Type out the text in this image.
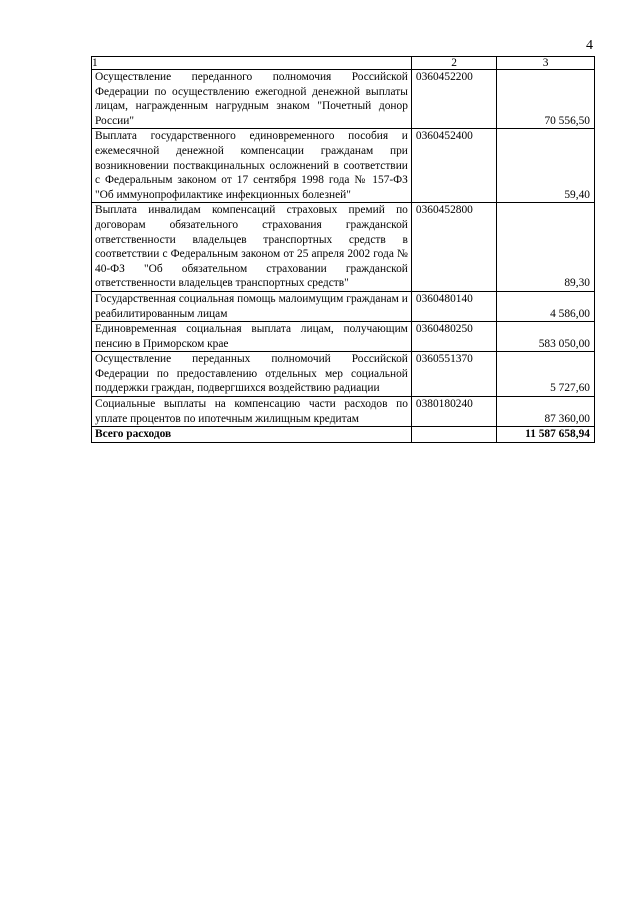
4
1	2	3
Осуществление переданного полномочия Российской Федерации по осуществлению ежегодной денежной выплаты лицам, награжденным нагрудным знаком "Почетный донор России"	0360452200	70 556,50
Выплата государственного единовременного пособия и ежемесячной денежной компенсации гражданам при возникновении поствакцинальных осложнений в соответствии с Федеральным законом от 17 сентября 1998 года № 157-ФЗ "Об иммунопрофилактике инфекционных болезней"	0360452400	59,40
Выплата инвалидам компенсаций страховых премий по договорам обязательного страхования гражданской ответственности владельцев транспортных средств в соответствии с Федеральным законом от 25 апреля 2002 года № 40-ФЗ "Об обязательном страховании гражданской ответственности владельцев транспортных средств"	0360452800	89,30
Государственная социальная помощь малоимущим гражданам и реабилитированным лицам	0360480140	4 586,00
Единовременная социальная выплата лицам, получающим пенсию в Приморском крае	0360480250	583 050,00
Осуществление переданных полномочий Российской Федерации по предоставлению отдельных мер социальной поддержки граждан, подвергшихся воздействию радиации	0360551370	5 727,60
Социальные выплаты на компенсацию части расходов по уплате процентов по ипотечным жилищным кредитам	0380180240	87 360,00
Всего расходов		11 587 658,94
